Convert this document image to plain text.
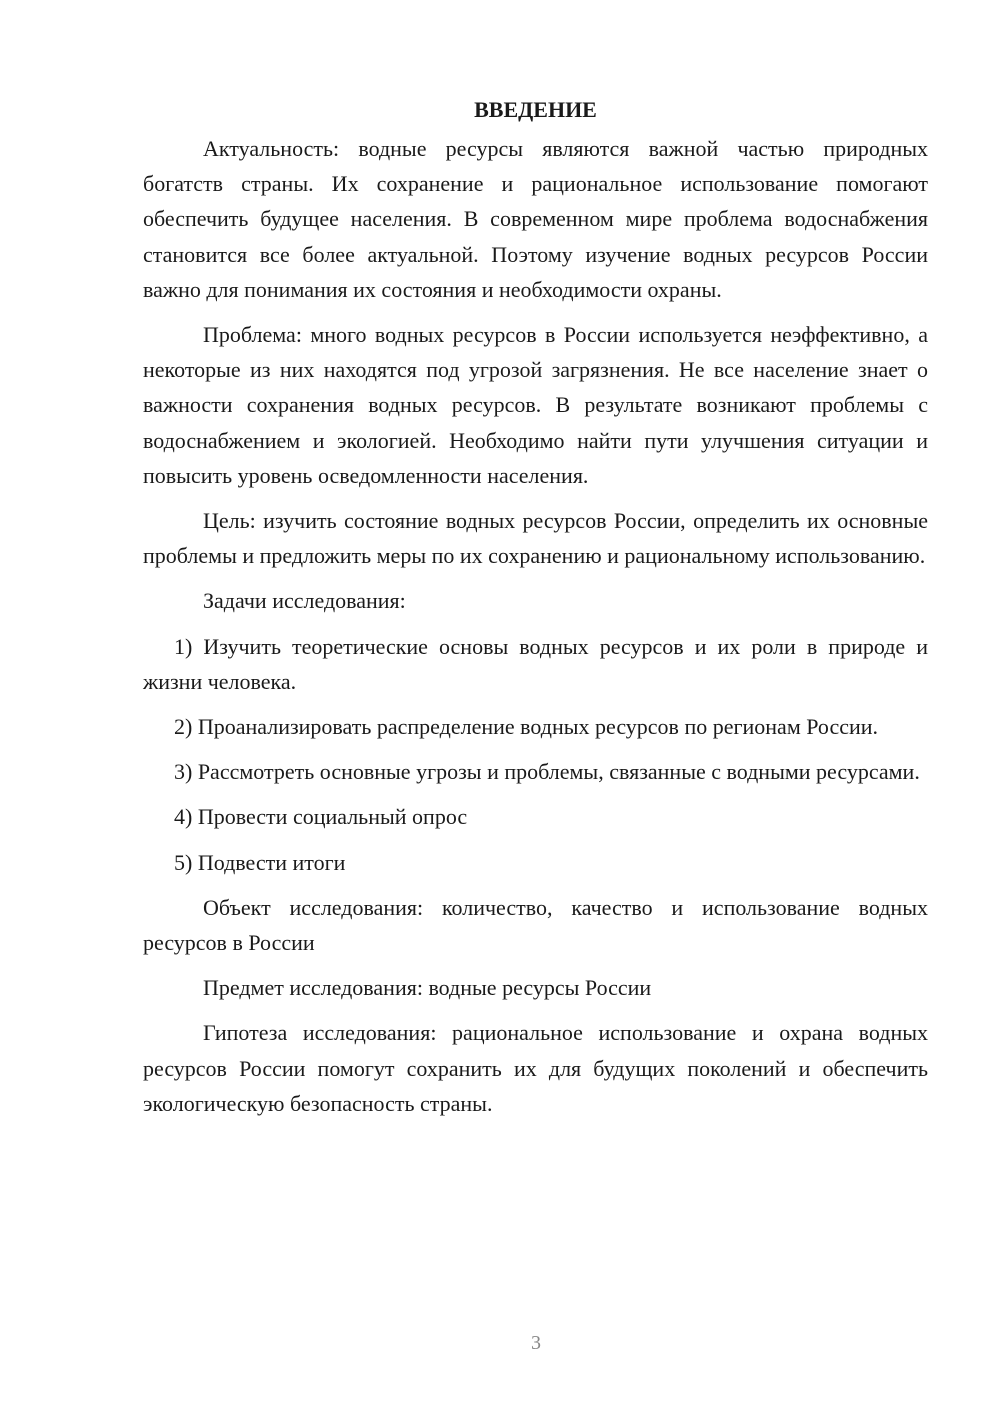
ВВЕДЕНИЕ

Актуальность: водные ресурсы являются важной частью природных богатств страны. Их сохранение и рациональное использование помогают обеспечить будущее населения. В современном мире проблема водоснабжения становится все более актуальной. Поэтому изучение водных ресурсов России важно для понимания их состояния и необходимости охраны.

Проблема: много водных ресурсов в России используется неэффективно, а некоторые из них находятся под угрозой загрязнения. Не все население знает о важности сохранения водных ресурсов. В результате возникают проблемы с водоснабжением и экологией. Необходимо найти пути улучшения ситуации и повысить уровень осведомленности населения.

Цель: изучить состояние водных ресурсов России, определить их основные проблемы и предложить меры по их сохранению и рациональному использованию.

Задачи исследования:

1) Изучить теоретические основы водных ресурсов и их роли в природе и жизни человека.

2) Проанализировать распределение водных ресурсов по регионам России.

3) Рассмотреть основные угрозы и проблемы, связанные с водными ресурсами.

4) Провести социальный опрос

5) Подвести итоги

Объект исследования: количество, качество и использование водных ресурсов в России

Предмет исследования: водные ресурсы России

Гипотеза исследования: рациональное использование и охрана водных ресурсов России помогут сохранить их для будущих поколений и обеспечить экологическую безопасность страны.

3
